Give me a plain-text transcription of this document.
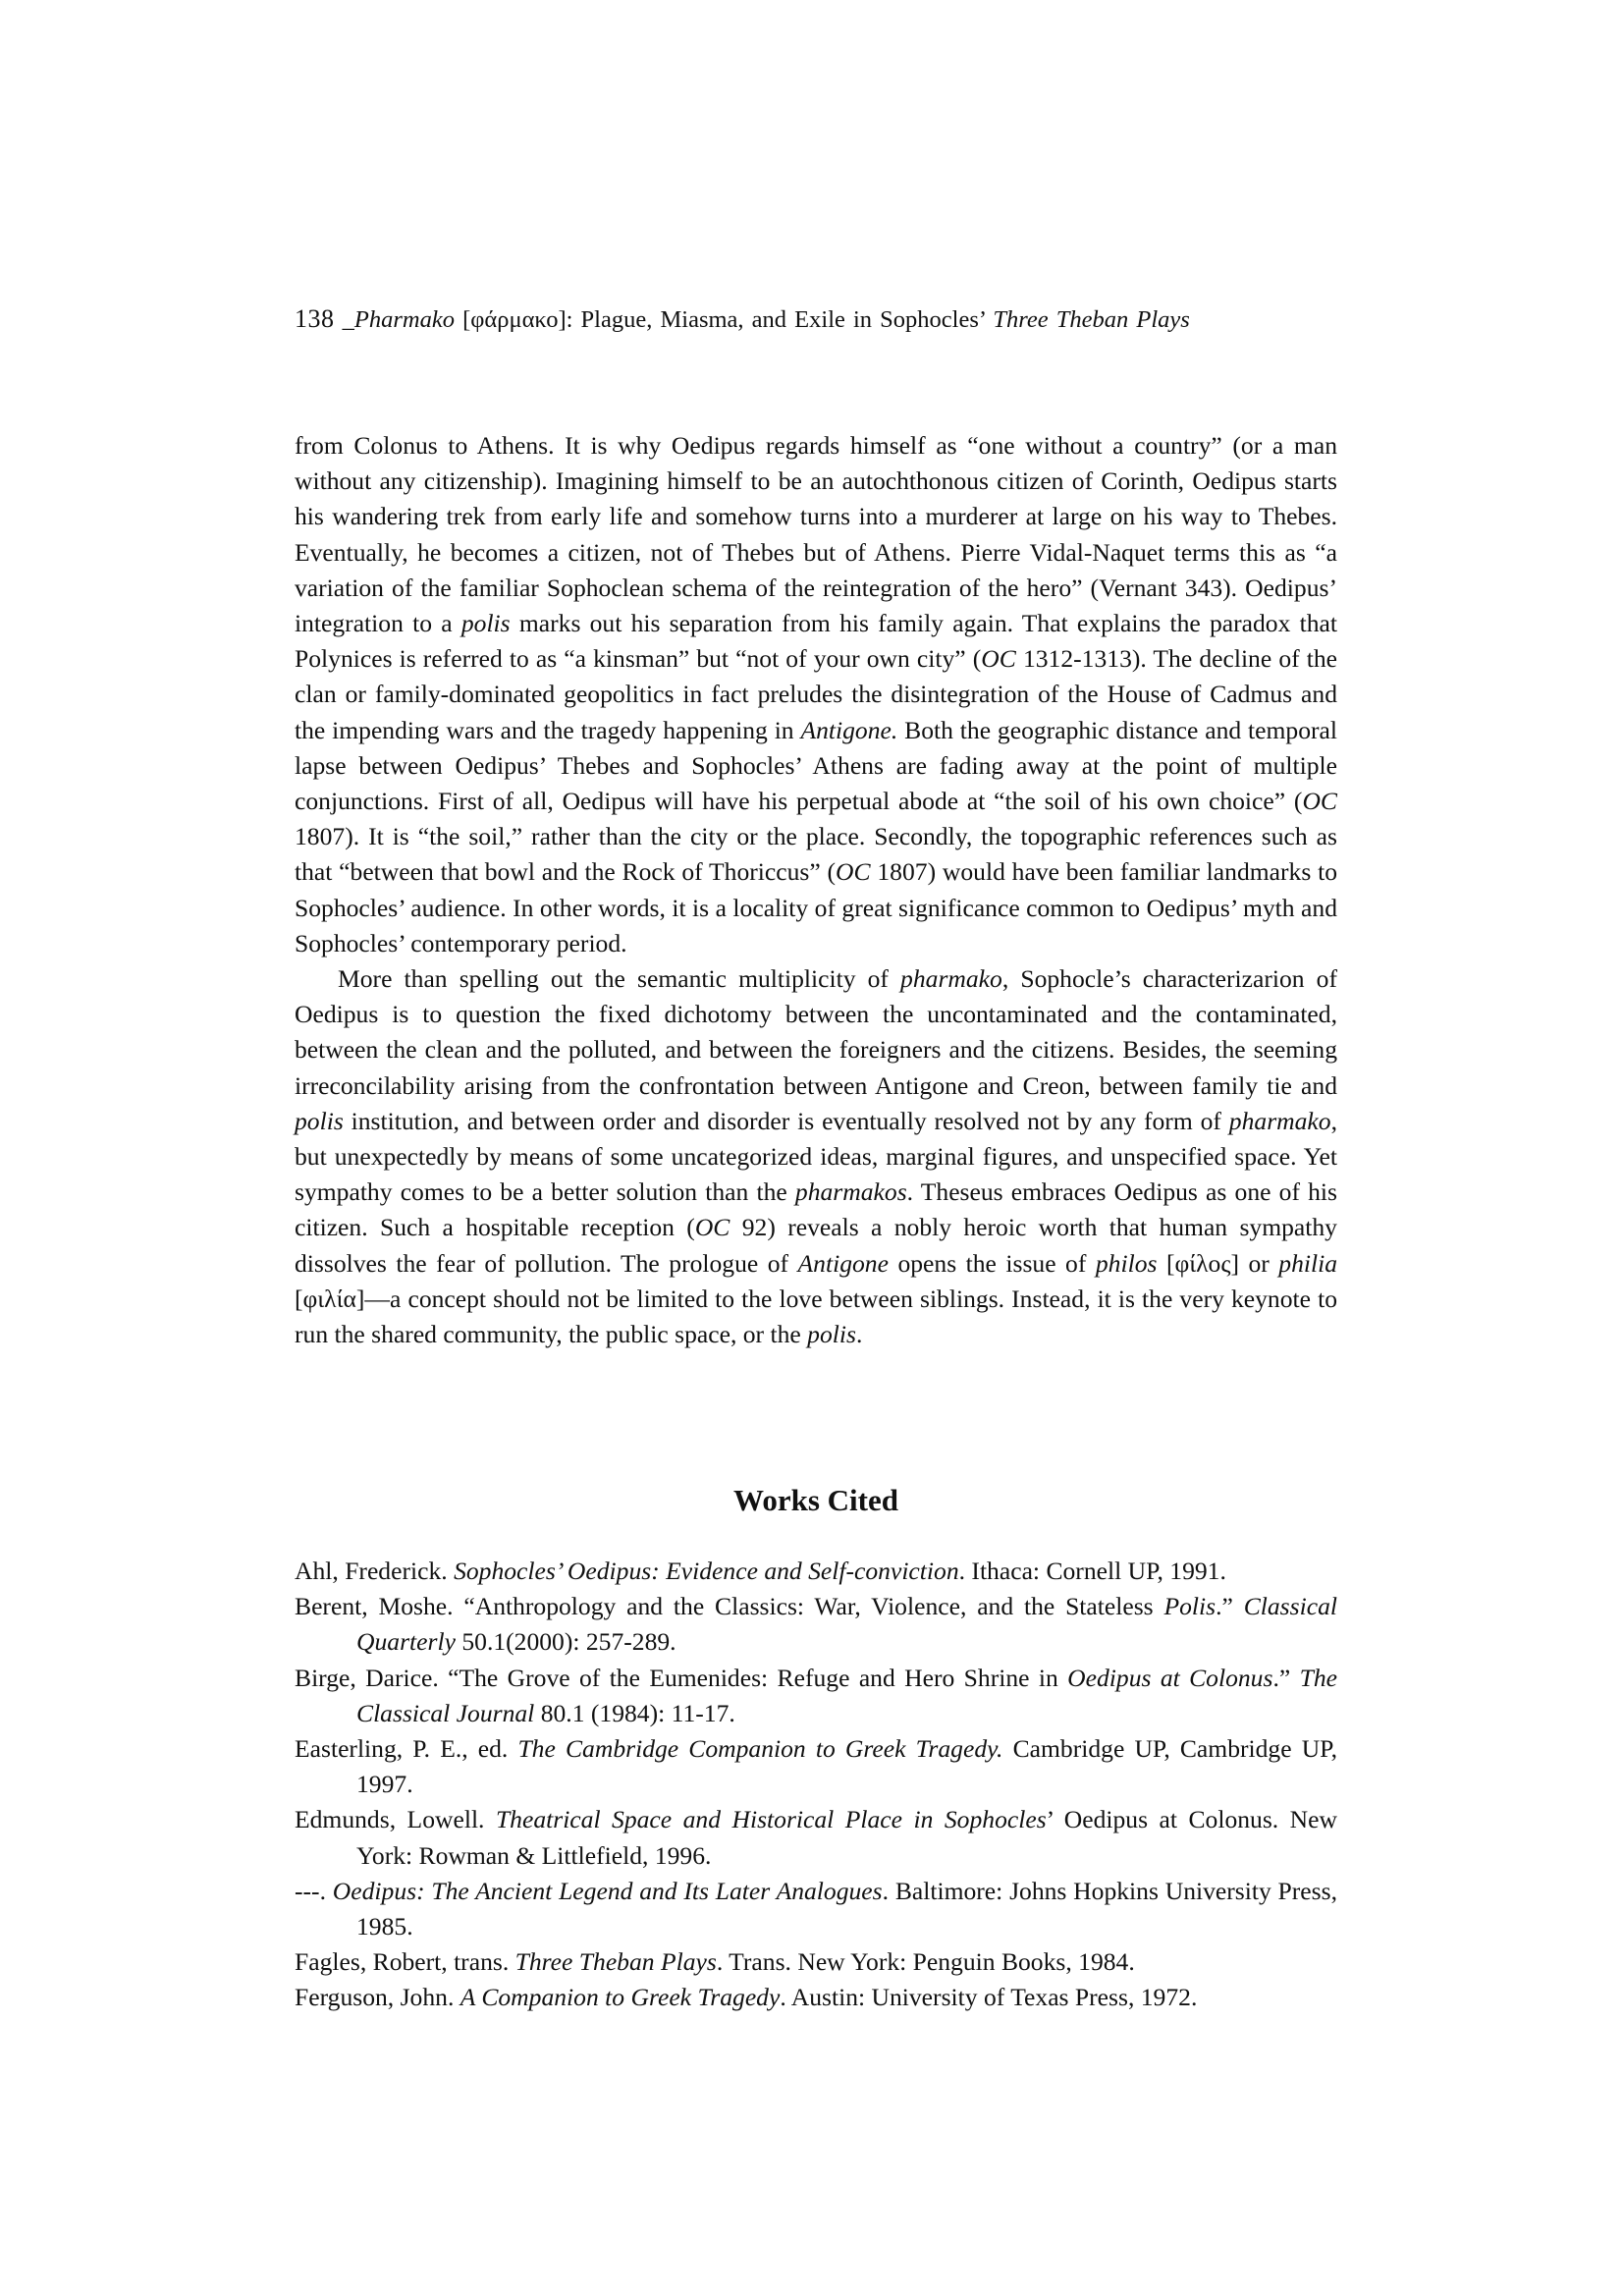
138 _Pharmako [φάρμακο]: Plague, Miasma, and Exile in Sophocles’ Three Theban Plays

from Colonus to Athens. It is why Oedipus regards himself as “one without a country” (or a man without any citizenship). Imagining himself to be an autochthonous citizen of Corinth, Oedipus starts his wandering trek from early life and somehow turns into a murderer at large on his way to Thebes. Eventually, he becomes a citizen, not of Thebes but of Athens. Pierre Vidal-Naquet terms this as “a variation of the familiar Sophoclean schema of the reintegration of the hero” (Vernant 343). Oedipus’ integration to a polis marks out his separation from his family again. That explains the paradox that Polynices is referred to as “a kinsman” but “not of your own city” (OC 1312-1313). The decline of the clan or family-dominated geopolitics in fact preludes the disintegration of the House of Cadmus and the impending wars and the tragedy happening in Antigone. Both the geographic distance and temporal lapse between Oedipus’ Thebes and Sophocles’ Athens are fading away at the point of multiple conjunctions. First of all, Oedipus will have his perpetual abode at “the soil of his own choice” (OC 1807). It is “the soil,” rather than the city or the place. Secondly, the topographic references such as that “between that bowl and the Rock of Thoriccus” (OC 1807) would have been familiar landmarks to Sophocles’ audience. In other words, it is a locality of great significance common to Oedipus’ myth and Sophocles’ contemporary period.

More than spelling out the semantic multiplicity of pharmako, Sophocle’s characterizarion of Oedipus is to question the fixed dichotomy between the uncontaminated and the contaminated, between the clean and the polluted, and between the foreigners and the citizens. Besides, the seeming irreconcilability arising from the confrontation between Antigone and Creon, between family tie and polis institution, and between order and disorder is eventually resolved not by any form of pharmako, but unexpectedly by means of some uncategorized ideas, marginal figures, and unspecified space. Yet sympathy comes to be a better solution than the pharmakos. Theseus embraces Oedipus as one of his citizen. Such a hospitable reception (OC 92) reveals a nobly heroic worth that human sympathy dissolves the fear of pollution. The prologue of Antigone opens the issue of philos [φίλος] or philia [φιλία]—a concept should not be limited to the love between siblings. Instead, it is the very keynote to run the shared community, the public space, or the polis.

Works Cited
Ahl, Frederick. Sophocles’ Oedipus: Evidence and Self-conviction. Ithaca: Cornell UP, 1991.
Berent, Moshe. “Anthropology and the Classics: War, Violence, and the Stateless Polis.” Classical Quarterly 50.1(2000): 257-289.
Birge, Darice. “The Grove of the Eumenides: Refuge and Hero Shrine in Oedipus at Colonus.” The Classical Journal 80.1 (1984): 11-17.
Easterling, P. E., ed. The Cambridge Companion to Greek Tragedy. Cambridge UP, Cambridge UP, 1997.
Edmunds, Lowell. Theatrical Space and Historical Place in Sophocles’ Oedipus at Colonus. New York: Rowman & Littlefield, 1996.
---. Oedipus: The Ancient Legend and Its Later Analogues. Baltimore: Johns Hopkins University Press, 1985.
Fagles, Robert, trans. Three Theban Plays. Trans. New York: Penguin Books, 1984.
Ferguson, John. A Companion to Greek Tragedy. Austin: University of Texas Press, 1972.
